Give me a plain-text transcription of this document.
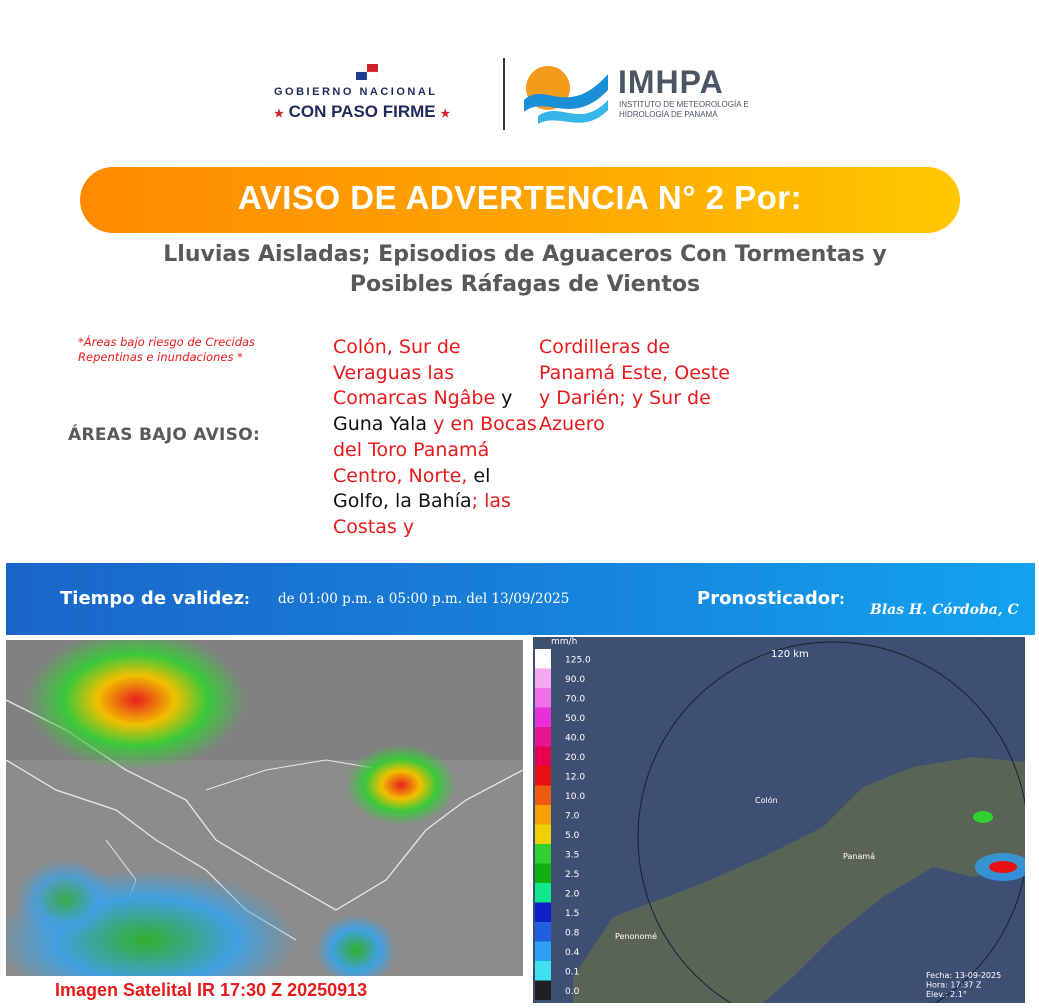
GOBIERNO NACIONAL
★ CON PASO FIRME ★
IMHPA
INSTITUTO DE METEOROLOGÍA E HIDROLOGÍA DE PANAMÁ
AVISO DE ADVERTENCIA N° 2 Por:
Lluvias Aisladas; Episodios de Aguaceros Con Tormentas y
Posibles Ráfagas de Vientos
*Áreas bajo riesgo de Crecidas Repentinas e inundaciones *
ÁREAS BAJO AVISO:
Colón, Sur de Veraguas las Comarcas Ngâbe y Guna Yala y en Bocas del Toro Panamá Centro, Norte, el Golfo, la Bahía; las Costas y
Cordilleras de Panamá Este, Oeste y Darién; y Sur de Azuero
Tiempo de validez: de 01:00 p.m. a 05:00 p.m. del 13/09/2025	Pronosticador:
Blas H. Córdoba, C
Imagen Satelital IR 17:30 Z 20250913
120 km
Colón
Panamá
Penonomé
mm/h
125.0
90.0
70.0
50.0
40.0
20.0
12.0
10.0
7.0
5.0
3.5
2.5
2.0
1.5
0.8
0.4
0.1
0.0
Fecha: 13-09-2025
Hora: 17:37 Z
Elev.: 2.1°
